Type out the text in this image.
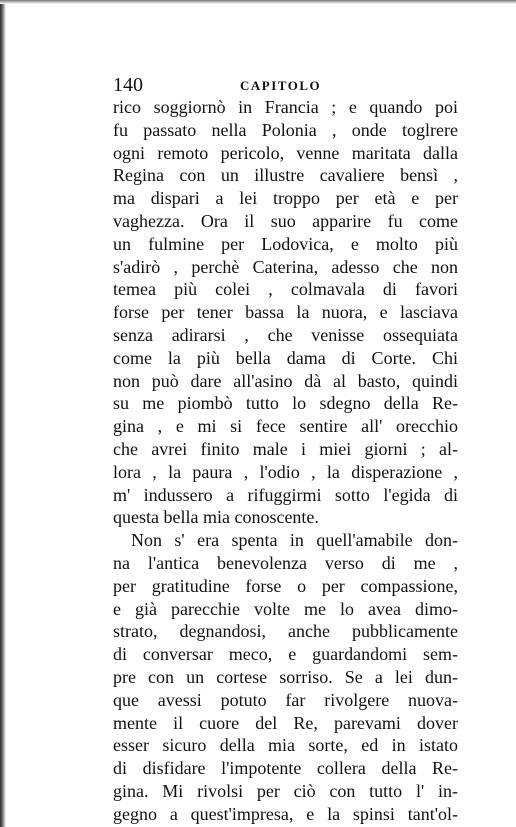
140	CAPITOLO
rico soggiornò in Francia ; e quando poi
fu passato nella Polonia , onde toglrere
ogni remoto pericolo, venne maritata dalla
Regina con un illustre cavaliere bensì ,
ma dispari a lei troppo per età e per
vaghezza. Ora il suo apparire fu come
un fulmine per Lodovica, e molto più
s'adirò , perchè Caterina, adesso che non
temea più colei , colmavala di favori
forse per tener bassa la nuora, e lasciava
senza adirarsi , che venisse ossequiata
come la più bella dama di Corte. Chi
non può dare all'asino dà al basto, quindi
su me piombò tutto lo sdegno della Re-
gina , e mi si fece sentire all' orecchio
che avrei finito male i miei giorni ; al-
lora , la paura , l'odio , la disperazione ,
m' indussero a rifuggirmi sotto l'egida di
questa bella mia conoscente.
Non s' era spenta in quell'amabile don-
na l'antica benevolenza verso di me ,
per gratitudine forse o per compassione,
e già parecchie volte me lo avea dimo-
strato, degnandosi, anche pubblicamente
di conversar meco, e guardandomi sem-
pre con un cortese sorriso. Se a lei dun-
que avessi potuto far rivolgere nuova-
mente il cuore del Re, parevami dover
esser sicuro della mia sorte, ed in istato
di disfidare l'impotente collera della Re-
gina. Mi rivolsi per ciò con tutto l' in-
gegno a quest'impresa, e la spinsi tant'ol-
